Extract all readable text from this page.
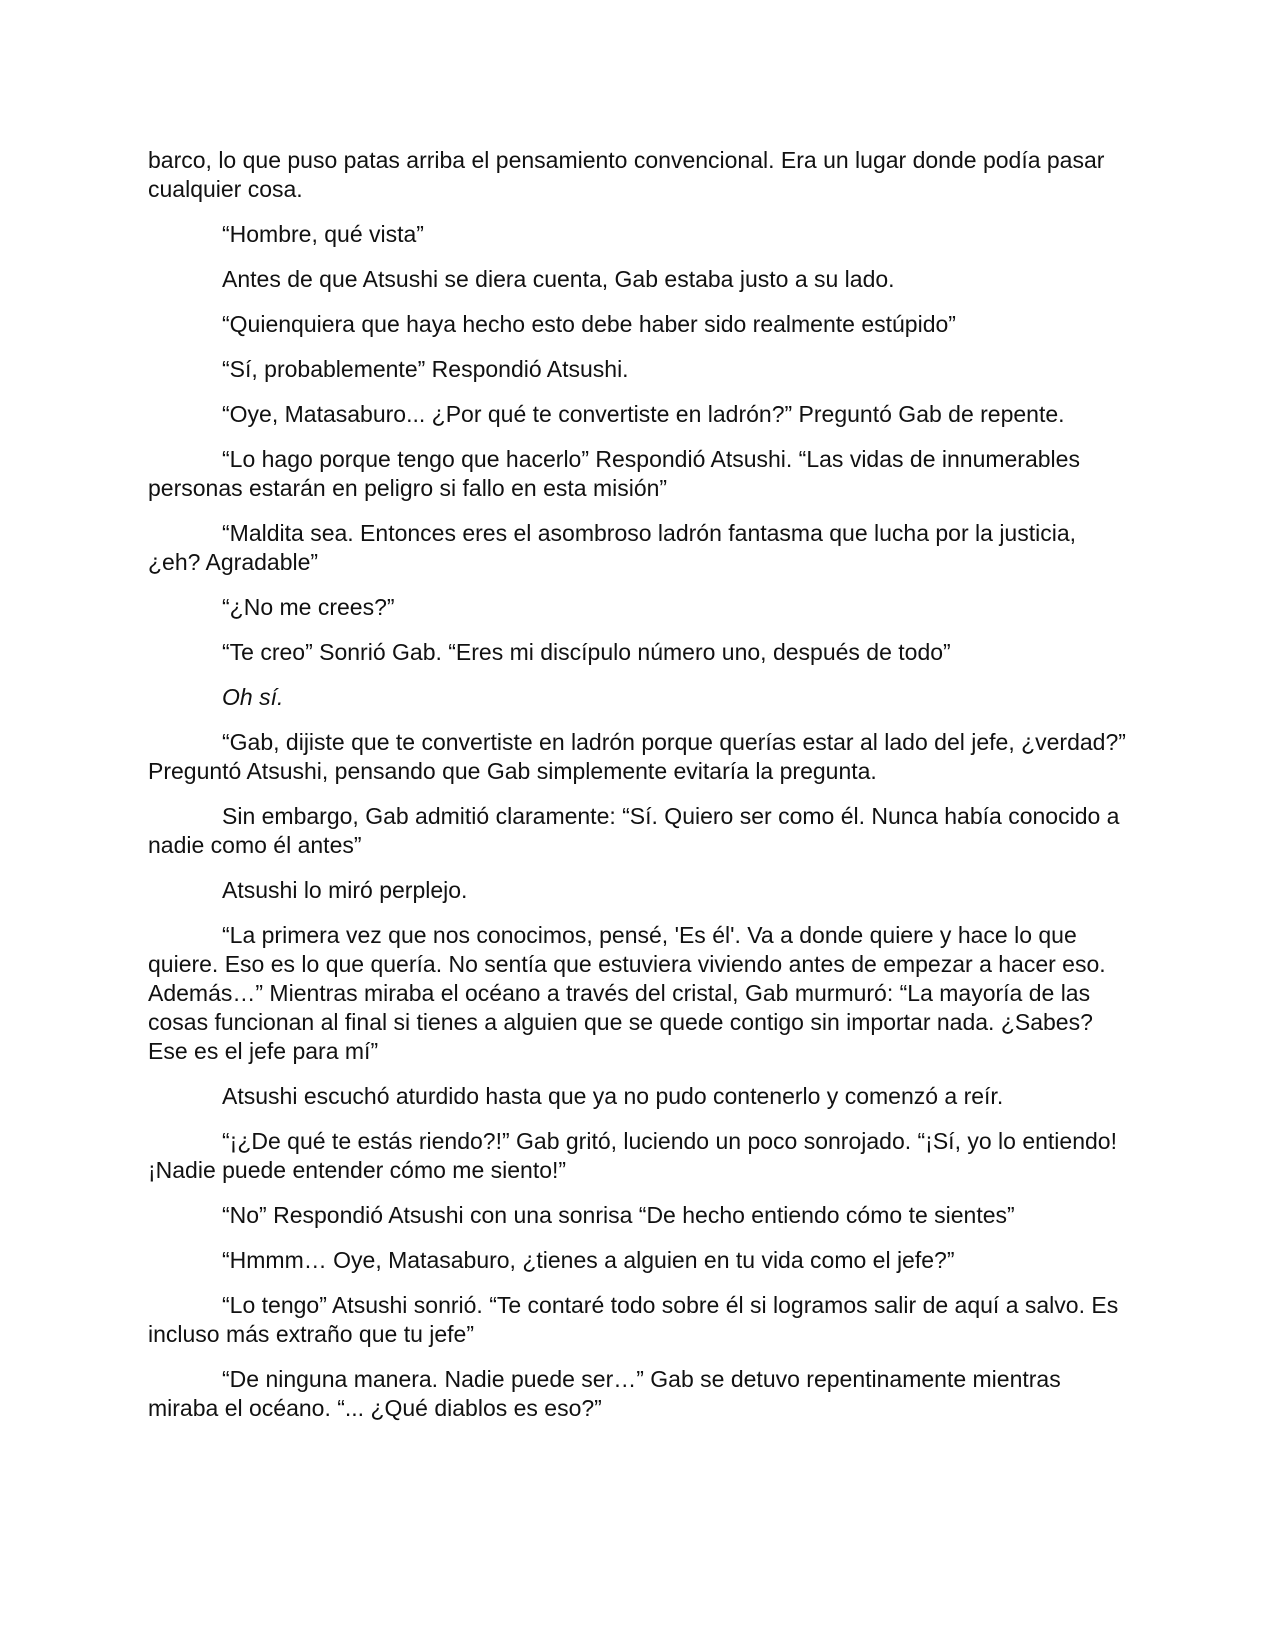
barco, lo que puso patas arriba el pensamiento convencional. Era un lugar donde podía pasar cualquier cosa.

“Hombre, qué vista”

Antes de que Atsushi se diera cuenta, Gab estaba justo a su lado.

“Quienquiera que haya hecho esto debe haber sido realmente estúpido”

“Sí, probablemente” Respondió Atsushi.

“Oye, Matasaburo... ¿Por qué te convertiste en ladrón?” Preguntó Gab de repente.

“Lo hago porque tengo que hacerlo” Respondió Atsushi. “Las vidas de innumerables personas estarán en peligro si fallo en esta misión”

“Maldita sea. Entonces eres el asombroso ladrón fantasma que lucha por la justicia, ¿eh? Agradable”

“¿No me crees?”

“Te creo” Sonrió Gab. “Eres mi discípulo número uno, después de todo”

Oh sí.

“Gab, dijiste que te convertiste en ladrón porque querías estar al lado del jefe, ¿verdad?” Preguntó Atsushi, pensando que Gab simplemente evitaría la pregunta.

Sin embargo, Gab admitió claramente: “Sí. Quiero ser como él. Nunca había conocido a nadie como él antes”

Atsushi lo miró perplejo.

“La primera vez que nos conocimos, pensé, 'Es él'. Va a donde quiere y hace lo que quiere. Eso es lo que quería. No sentía que estuviera viviendo antes de empezar a hacer eso. Además…” Mientras miraba el océano a través del cristal, Gab murmuró: “La mayoría de las cosas funcionan al final si tienes a alguien que se quede contigo sin importar nada. ¿Sabes? Ese es el jefe para mí”

Atsushi escuchó aturdido hasta que ya no pudo contenerlo y comenzó a reír.

“¡¿De qué te estás riendo?!” Gab gritó, luciendo un poco sonrojado. “¡Sí, yo lo entiendo! ¡Nadie puede entender cómo me siento!”

“No” Respondió Atsushi con una sonrisa “De hecho entiendo cómo te sientes”

“Hmmm… Oye, Matasaburo, ¿tienes a alguien en tu vida como el jefe?”

“Lo tengo” Atsushi sonrió. “Te contaré todo sobre él si logramos salir de aquí a salvo. Es incluso más extraño que tu jefe”

“De ninguna manera. Nadie puede ser…” Gab se detuvo repentinamente mientras miraba el océano. “... ¿Qué diablos es eso?”
